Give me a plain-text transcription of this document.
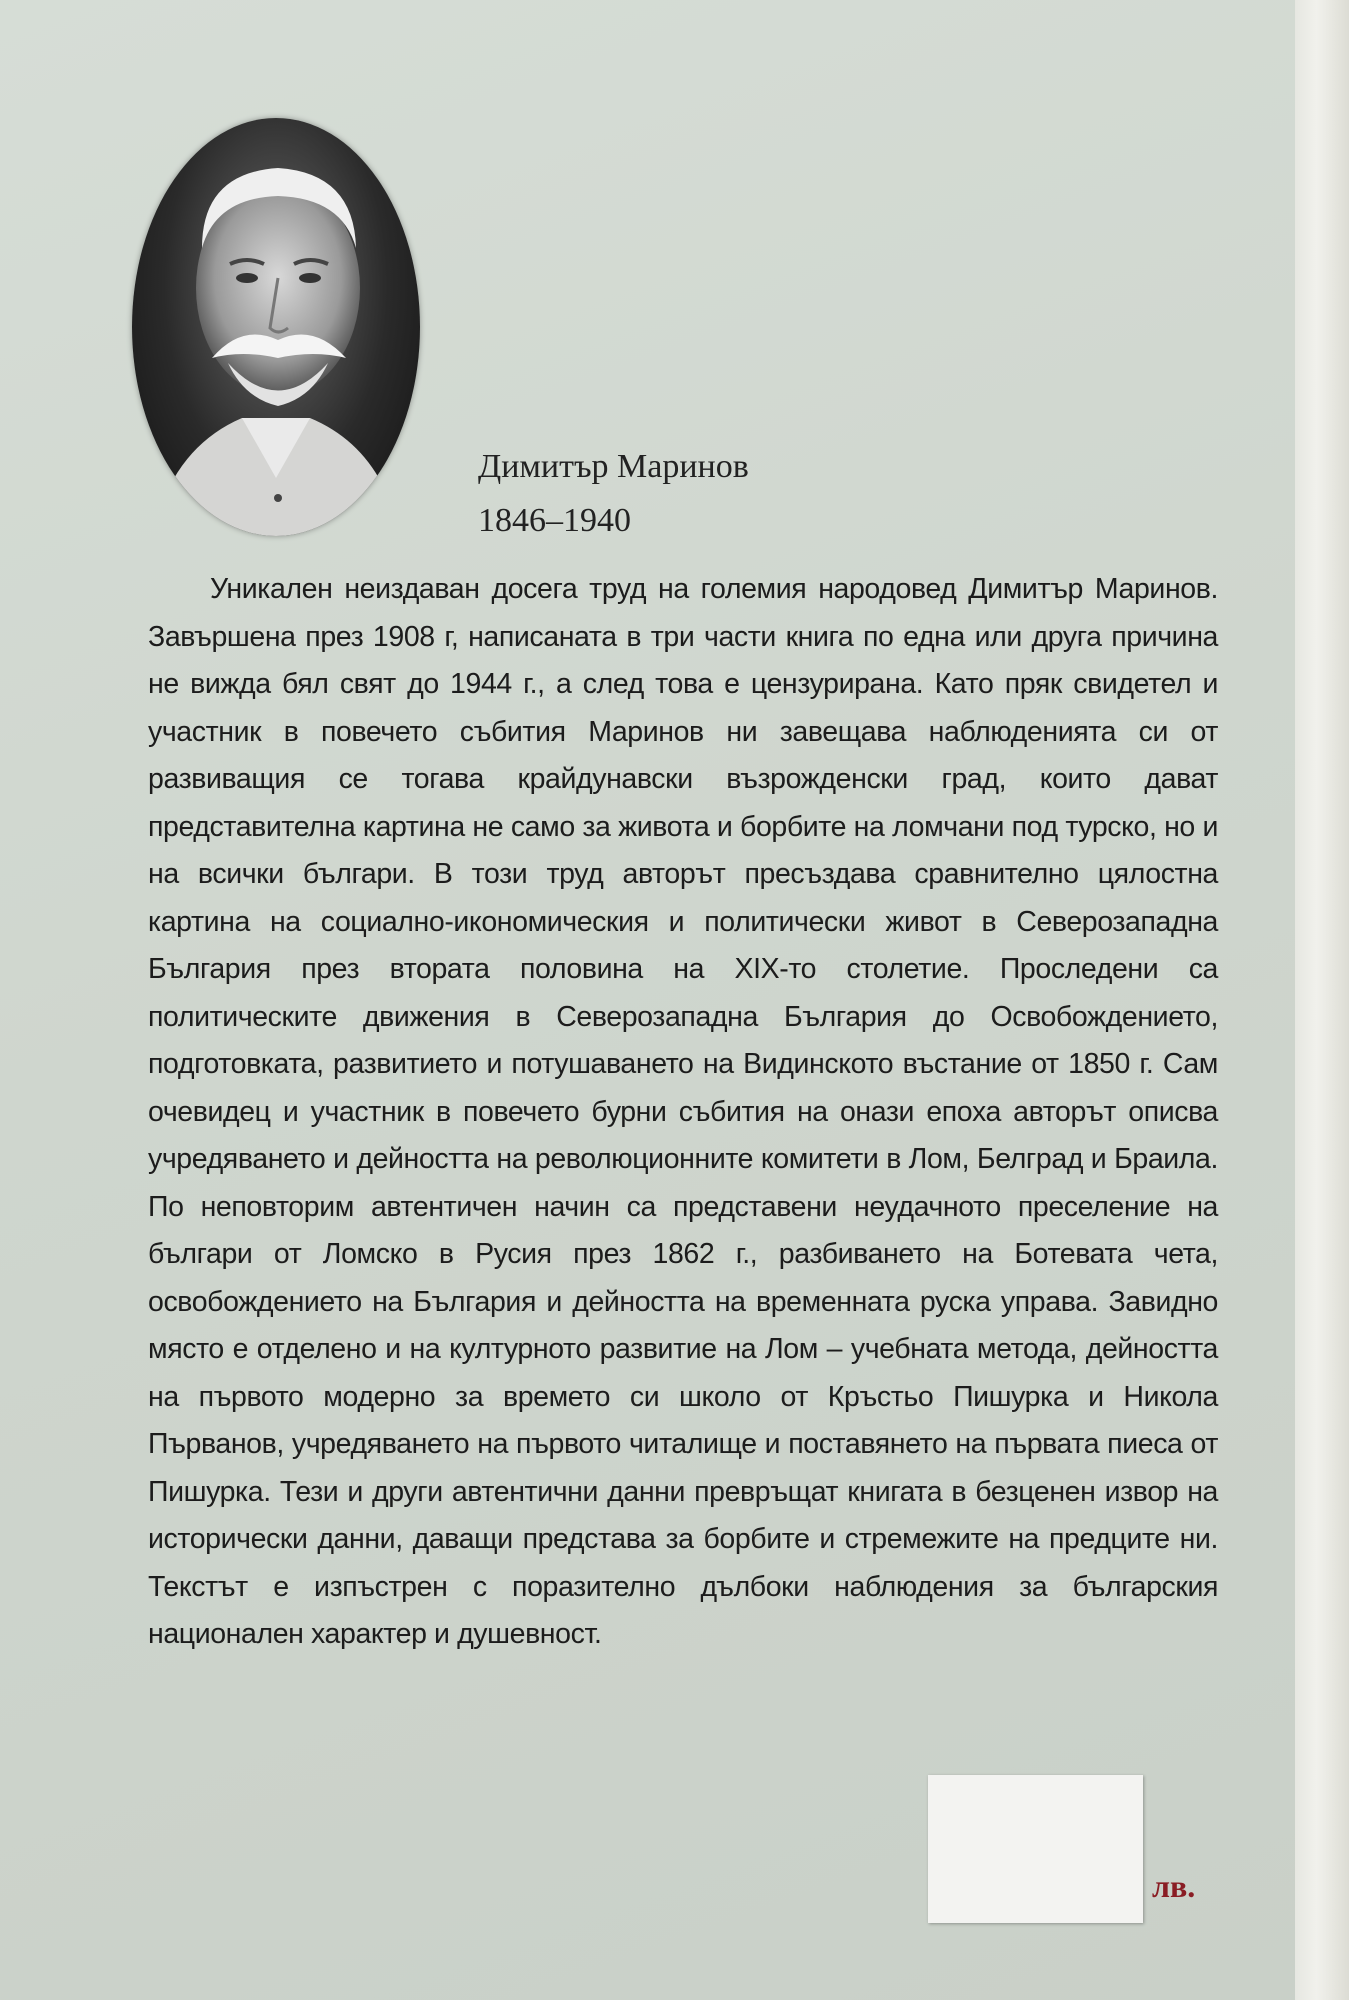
Димитър Маринов
1846–1940
Уникален неиздаван досега труд на големия народовед Димитър Маринов. Завършена през 1908 г, написаната в три части книга по една или друга причина не вижда бял свят до 1944 г., а след това е цензурирана. Като пряк свидетел и участник в повечето събития Маринов ни завещава наблюденията си от развиващия се тогава крайдунавски възрожденски град, които дават представителна картина не само за живота и борбите на ломчани под турско, но и на всички българи. В този труд авторът пресъздава сравнително цялостна картина на социално-икономическия и политически живот в Северозападна България през втората половина на XIX-то столетие. Проследени са политическите движения в Северозападна България до Освобождението, подготовката, развитието и потушаването на Видинското въстание от 1850 г. Сам очевидец и участник в повечето бурни събития на онази епоха авторът описва учредяването и дейността на революционните комитети в Лом, Белград и Браила. По неповторим автентичен начин са представени неудачното преселение на българи от Ломско в Русия през 1862 г., разбиването на Ботевата чета, освобождението на България и дейността на временната руска управа. Завидно място е отделено и на културното развитие на Лом – учебната метода, дейността на първото модерно за времето си школо от Кръстьо Пишурка и Никола Първанов, учредяването на първото читалище и поставянето на първата пиеса от Пишурка. Тези и други автентични данни превръщат книгата в безценен извор на исторически данни, даващи представа за борбите и стремежите на предците ни. Текстът е изпъстрен с поразително дълбоки наблюдения за българския национален характер и душевност.
лв.
